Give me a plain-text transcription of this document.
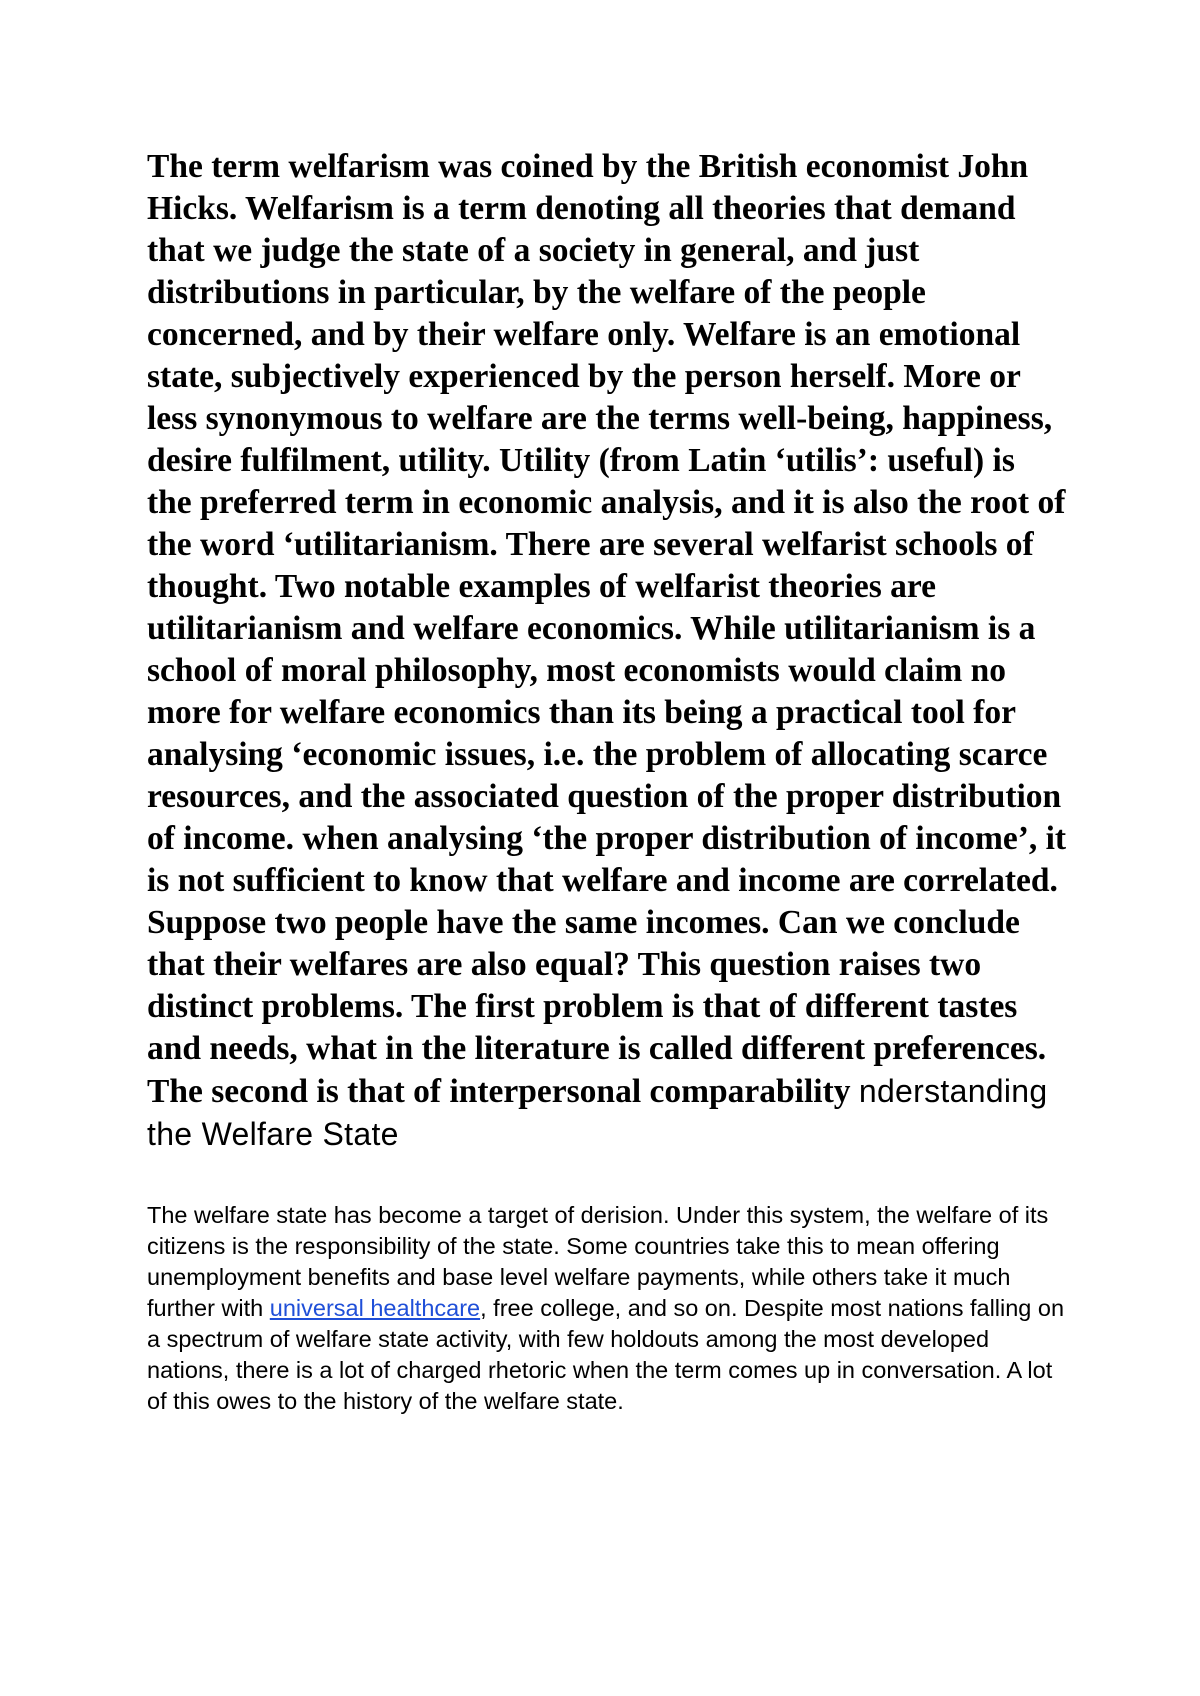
The term welfarism was coined by the British economist John Hicks. Welfarism is a term denoting all theories that demand that we judge the state of a society in general, and just distributions in particular, by the welfare of the people concerned, and by their welfare only. Welfare is an emotional state, subjectively experienced by the person herself. More or less synonymous to welfare are the terms well-being, happiness, desire fulfilment, utility. Utility (from Latin ‘utilis’: useful) is the preferred term in economic analysis, and it is also the root of the word ‘utilitarianism. There are several welfarist schools of thought. Two notable examples of welfarist theories are utilitarianism and welfare economics. While utilitarianism is a school of moral philosophy, most economists would claim no more for welfare economics than its being a practical tool for analysing ‘economic issues, i.e. the problem of allocating scarce resources, and the associated question of the proper distribution of income. when analysing ‘the proper distribution of income’, it is not sufficient to know that welfare and income are correlated. Suppose two people have the same incomes. Can we conclude that their welfares are also equal? This question raises two distinct problems. The first problem is that of different tastes and needs, what in the literature is called different preferences. The second is that of interpersonal comparability nderstanding the Welfare State

The welfare state has become a target of derision. Under this system, the welfare of its citizens is the responsibility of the state. Some countries take this to mean offering unemployment benefits and base level welfare payments, while others take it much further with universal healthcare, free college, and so on. Despite most nations falling on a spectrum of welfare state activity, with few holdouts among the most developed nations, there is a lot of charged rhetoric when the term comes up in conversation. A lot of this owes to the history of the welfare state.
